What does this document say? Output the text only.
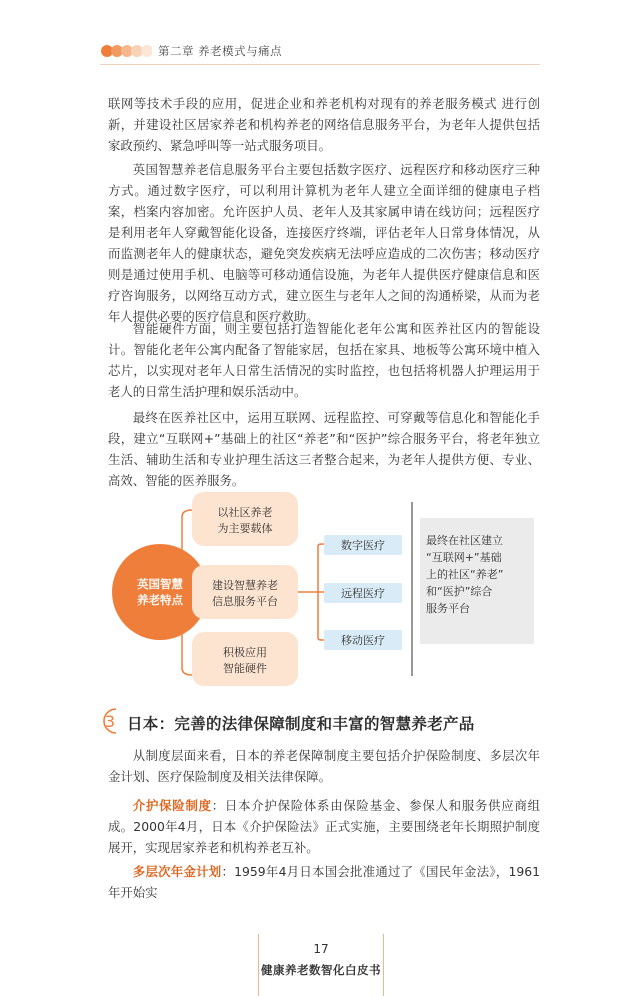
第二章 养老模式与痛点

联网等技术手段的应用，促进企业和养老机构对现有的养老服务模式 进行创新，并建设社区居家养老和机构养老的网络信息服务平台，为老年人提供包括家政预约、紧急呼叫等一站式服务项目。

英国智慧养老信息服务平台主要包括数字医疗、远程医疗和移动医疗三种方式。通过数字医疗，可以利用计算机为老年人建立全面详细的健康电子档案，档案内容加密。允许医护人员、老年人及其家属申请在线访问；远程医疗是利用老年人穿戴智能化设备，连接医疗终端，评估老年人日常身体情况，从而监测老年人的健康状态，避免突发疾病无法呼应造成的二次伤害；移动医疗则是通过使用手机、电脑等可移动通信设施，为老年人提供医疗健康信息和医疗咨询服务，以网络互动方式，建立医生与老年人之间的沟通桥梁，从而为老年人提供必要的医疗信息和医疗救助。

智能硬件方面，则主要包括打造智能化老年公寓和医养社区内的智能设计。智能化老年公寓内配备了智能家居，包括在家具、地板等公寓环境中植入芯片，以实现对老年人日常生活情况的实时监控，也包括将机器人护理运用于老人的日常生活护理和娱乐活动中。

最终在医养社区中，运用互联网、远程监控、可穿戴等信息化和智能化手段，建立“互联网+”基础上的社区“养老”和“医护”综合服务平台，将老年独立生活、辅助生活和专业护理生活这三者整合起来，为老年人提供方便、专业、高效、智能的医养服务。

英国智慧
养老特点
以社区养老
为主要载体
建设智慧养老
信息服务平台
积极应用
智能硬件
数字医疗
远程医疗
移动医疗
最终在社区建立
“互联网+”基础
上的社区“养老”
和“医护”综合
服务平台
3 日本：完善的法律保障制度和丰富的智慧养老产品

从制度层面来看，日本的养老保障制度主要包括介护保险制度、多层次年金计划、医疗保险制度及相关法律保障。

介护保险制度：日本介护保险体系由保险基金、参保人和服务供应商组成。2000年4月，日本《介护保险法》正式实施，主要围绕老年长期照护制度展开，实现居家养老和机构养老互补。

多层次年金计划：1959年4月日本国会批准通过了《国民年金法》，1961年开始实

17
健康养老数智化白皮书
